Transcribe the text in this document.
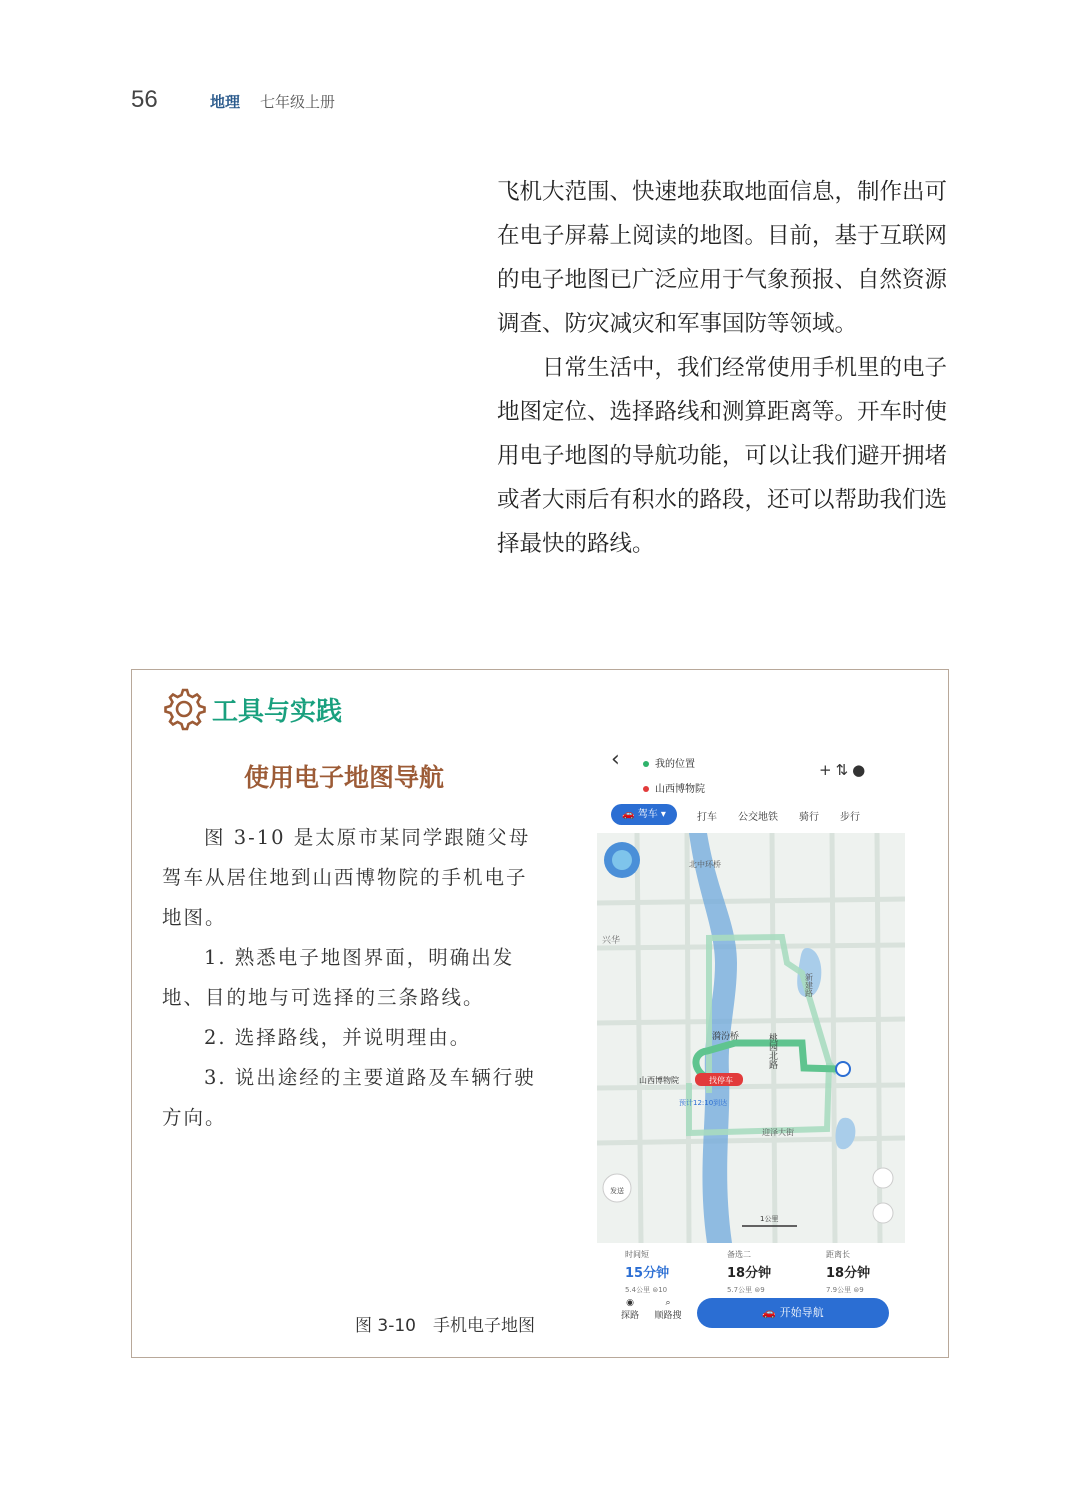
56	地理 七年级上册

飞机大范围、快速地获取地面信息，制作出可在电子屏幕上阅读的地图。目前，基于互联网的电子地图已广泛应用于气象预报、自然资源调查、防灾减灾和军事国防等领域。

日常生活中，我们经常使用手机里的电子地图定位、选择路线和测算距离等。开车时使用电子地图的导航功能，可以让我们避开拥堵或者大雨后有积水的路段，还可以帮助我们选择最快的路线。

工具与实践
使用电子地图导航

图 3-10 是太原市某同学跟随父母驾车从居住地到山西博物院的手机电子地图。

1. 熟悉电子地图界面，明确出发地、目的地与可选择的三条路线。

2. 选择路线，并说明理由。

3. 说出途经的主要道路及车辆行驶方向。

图 3-10　手机电子地图
‹	我的位置
山西博物院
+⇅●
🚗 驾车 ▾	打车 公交地铁 骑行 步行
北中环桥
兴华
漪汾桥	桃园北路
新建路
迎泽大街
山西博物院	找停车
预计12:10到达
发送
1公里
时间短
15分钟
5.4公里 ⊜10
备选二
18分钟
5.7公里 ⊜9
距离长
18分钟
7.9公里 ⊜9
◉
探路
⌕
顺路搜	🚗 开始导航
